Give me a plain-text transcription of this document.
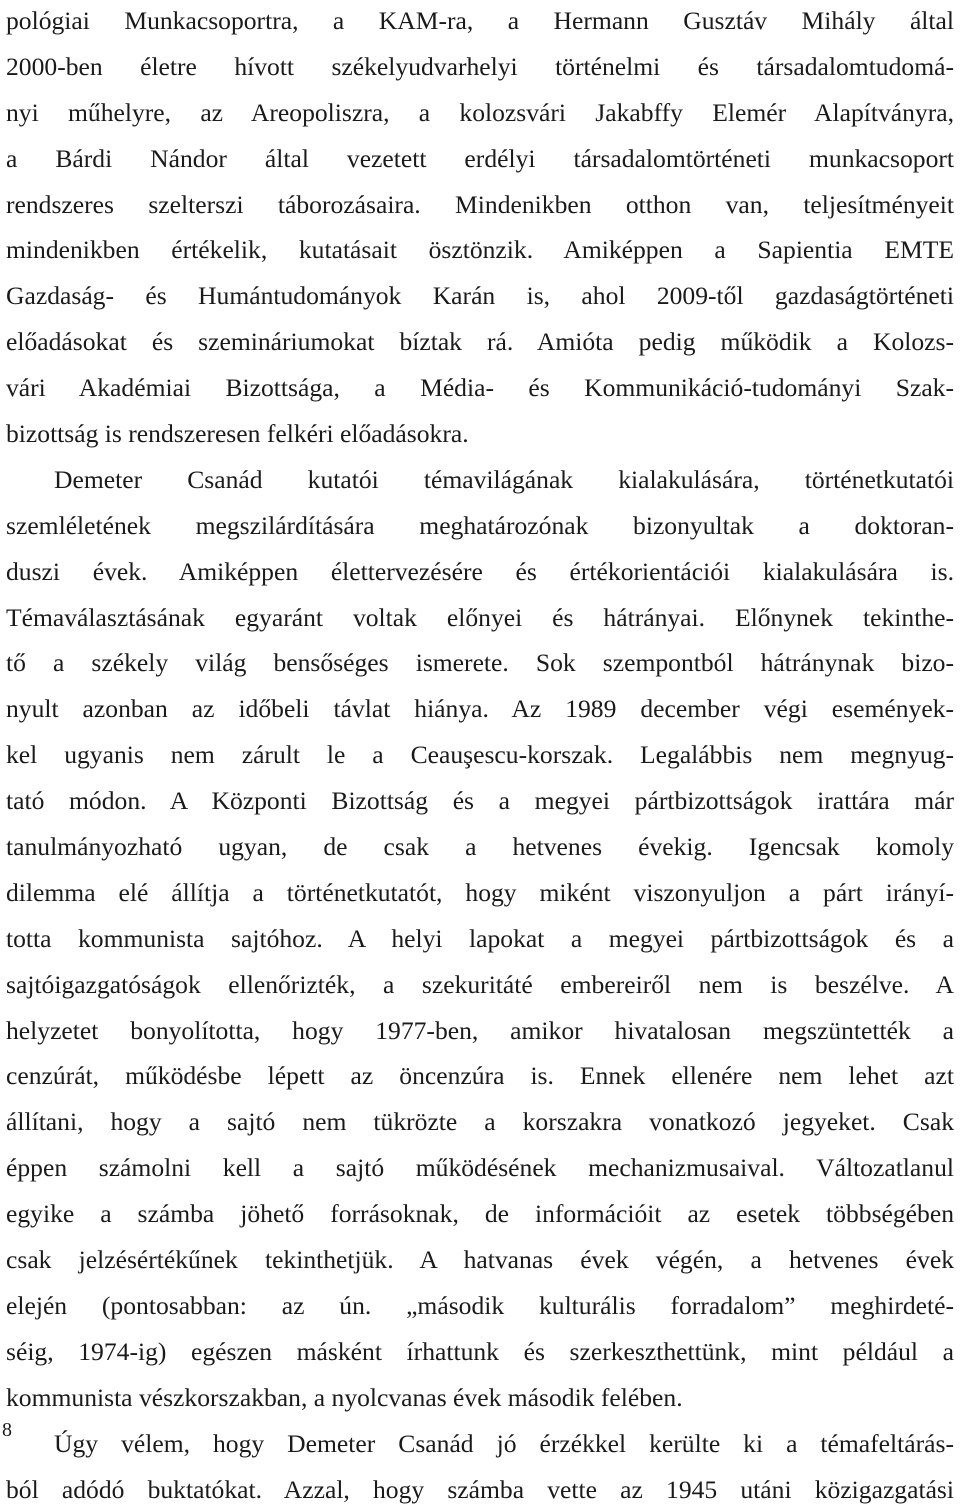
pológiai Munkacsoportra, a KAM-ra, a Hermann Gusztáv Mihály által
2000-ben életre hívott székelyudvarhelyi történelmi és társadalomtudomá-
nyi műhelyre, az Areopoliszra, a kolozsvári Jakabffy Elemér Alapítványra,
a Bárdi Nándor által vezetett erdélyi társadalomtörténeti munkacsoport
rendszeres szelterszi táborozásaira. Mindenikben otthon van, teljesítményeit
mindenikben értékelik, kutatásait ösztönzik. Amiképpen a Sapientia EMTE
Gazdaság- és Humántudományok Karán is, ahol 2009-től gazdaságtörténeti
előadásokat és szemináriumokat bíztak rá. Amióta pedig működik a Kolozs-
vári Akadémiai Bizottsága, a Média- és Kommunikáció-tudományi Szak-
bizottság is rendszeresen felkéri előadásokra.
Demeter Csanád kutatói témavilágának kialakulására, történetkutatói
szemléletének megszilárdítására meghatározónak bizonyultak a doktoran-
duszi évek. Amiképpen élettervezésére és értékorientációi kialakulására is.
Témaválasztásának egyaránt voltak előnyei és hátrányai. Előnynek tekinthe-
tő a székely világ bensőséges ismerete. Sok szempontból hátránynak bizo-
nyult azonban az időbeli távlat hiánya. Az 1989 december végi események-
kel ugyanis nem zárult le a Ceauşescu-korszak. Legalábbis nem megnyug-
tató módon. A Központi Bizottság és a megyei pártbizottságok irattára már
tanulmányozható ugyan, de csak a hetvenes évekig. Igencsak komoly
dilemma elé állítja a történetkutatót, hogy miként viszonyuljon a párt irányí-
totta kommunista sajtóhoz. A helyi lapokat a megyei pártbizottságok és a
sajtóigazgatóságok ellenőrizték, a szekuritáté embereiről nem is beszélve. A
helyzetet bonyolította, hogy 1977-ben, amikor hivatalosan megszüntették a
cenzúrát, működésbe lépett az öncenzúra is. Ennek ellenére nem lehet azt
állítani, hogy a sajtó nem tükrözte a korszakra vonatkozó jegyeket. Csak
éppen számolni kell a sajtó működésének mechanizmusaival. Változatlanul
egyike a számba jöhető forrásoknak, de információit az esetek többségében
csak jelzésértékűnek tekinthetjük. A hatvanas évek végén, a hetvenes évek
elején (pontosabban: az ún. „második kulturális forradalom” meghirdeté-
séig, 1974-ig) egészen másként írhattunk és szerkeszthettünk, mint például a
kommunista vészkorszakban, a nyolcvanas évek második felében.
Úgy vélem, hogy Demeter Csanád jó érzékkel kerülte ki a témafeltárás-
ból adódó buktatókat. Azzal, hogy számba vette az 1945 utáni közigazgatási
8
